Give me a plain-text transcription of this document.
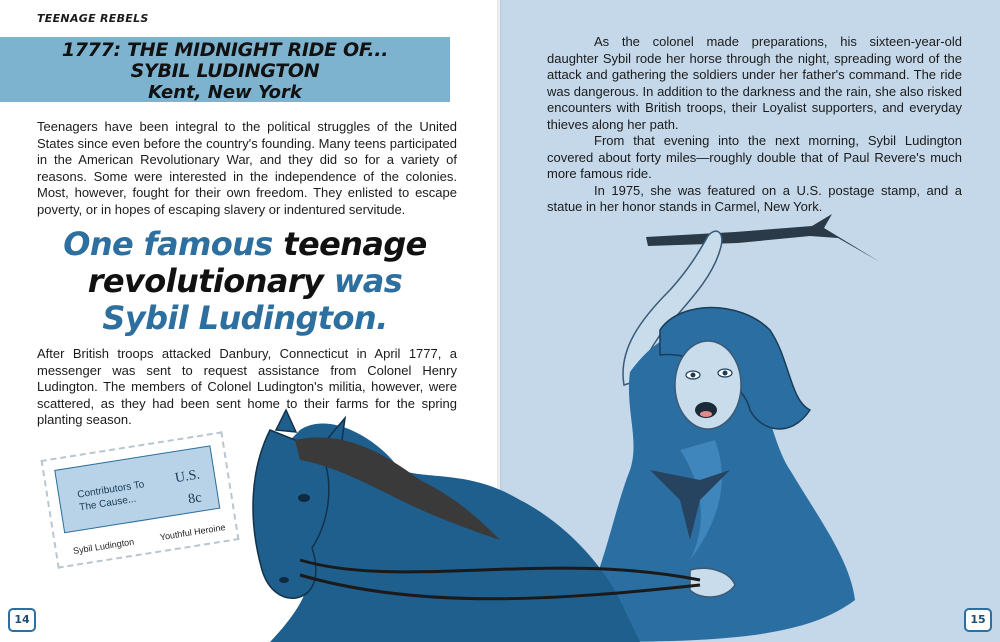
TEENAGE REBELS
1777: THE MIDNIGHT RIDE OF...
SYBIL LUDINGTON
Kent, New York
Teenagers have been integral to the political struggles of the United States since even before the country's founding. Many teens participated in the American Revolutionary War, and they did so for a variety of reasons. Some were interested in the independence of the colonies. Most, however, fought for their own freedom. They enlisted to escape poverty, or in hopes of escaping slavery or indentured servitude.
One famous teenage
revolutionary was
Sybil Ludington.
After British troops attacked Danbury, Connecticut in April 1777, a messenger was sent to request assistance from Colonel Henry Ludington. The members of Colonel Ludington's militia, however, were scattered, as they had been sent home to their farms for the spring planting season.
Contributors To The Cause...
U.S.
8c
Sybil Ludington
Youthful Heroine

As the colonel made preparations, his sixteen-year-old daughter Sybil rode her horse through the night, spreading word of the attack and gathering the soldiers under her father's command. The ride was dangerous. In addition to the darkness and the rain, she also risked encounters with British troops, their Loyalist supporters, and everyday thieves along her path.

From that evening into the next morning, Sybil Ludington covered about forty miles—roughly double that of Paul Revere's much more famous ride.

In 1975, she was featured on a U.S. postage stamp, and a statue in her honor stands in Carmel, New York.

14	15
